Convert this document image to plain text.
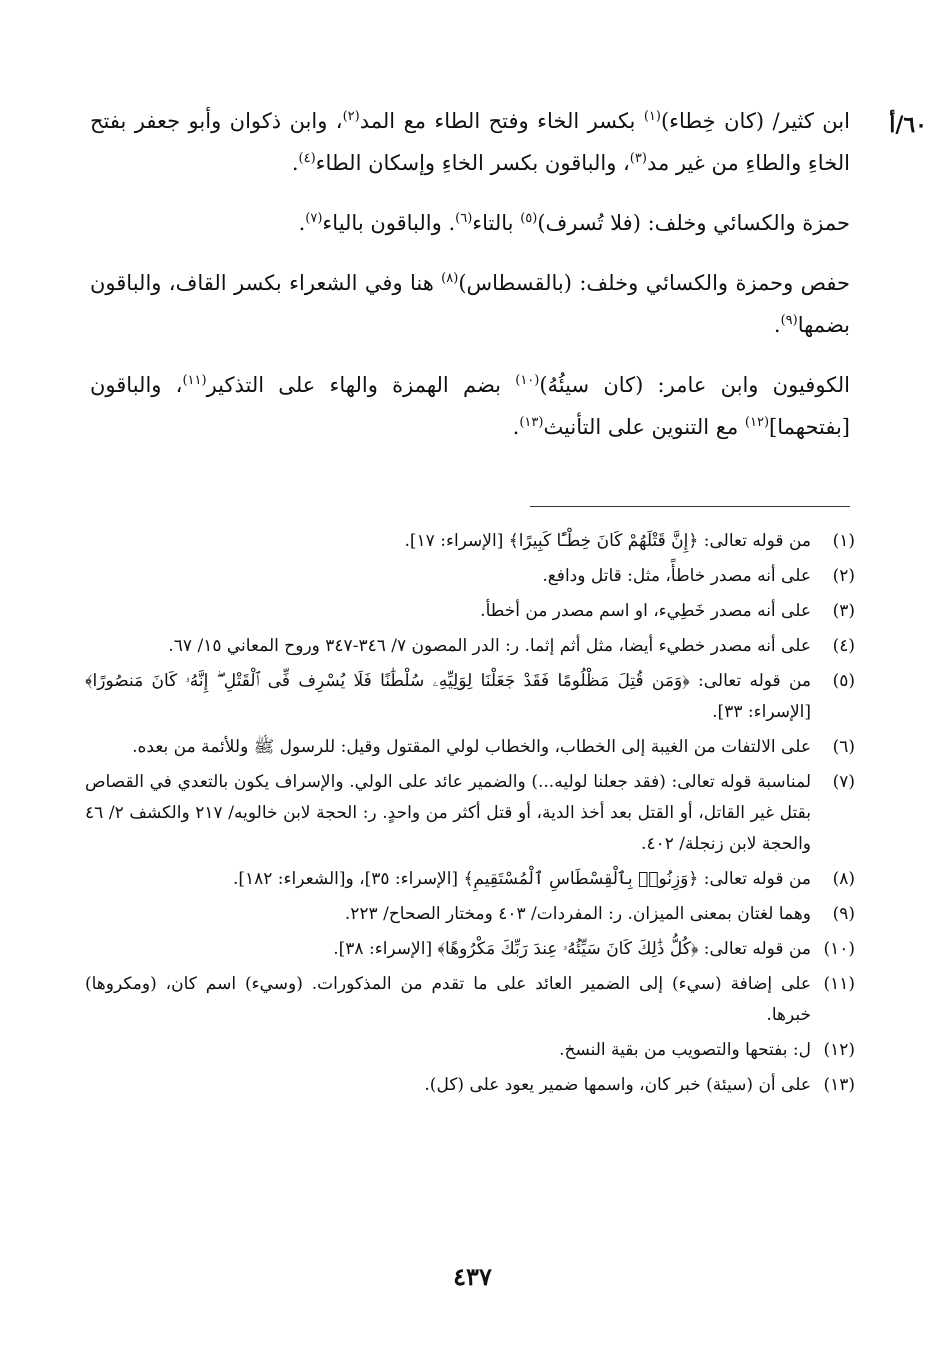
٦٠/أ

ابن كثير/ (كان خِطاء)$^{(١)}$ بكسر الخاء وفتح الطاء مع المد$^{(٢)}$، وابن ذكوان وأبو جعفر بفتح الخاءِ والطاءِ من غير مد$^{(٣)}$، والباقون بكسر الخاءِ وإسكان الطاء$^{(٤)}$.

حمزة والكسائي وخلف: (فلا تُسرف)$^{(٥)}$ بالتاء$^{(٦)}$. والباقون بالياء$^{(٧)}$.

حفص وحمزة والكسائي وخلف: (بالقسطاس)$^{(٨)}$ هنا وفي الشعراء بكسر القاف، والباقون بضمها$^{(٩)}$.

الكوفيون وابن عامر: (كان سيئُهُ)$^{(١٠)}$ بضم الهمزة والهاء على التذكير$^{(١١)}$، والباقون [بفتحهما]$^{(١٢)}$ مع التنوين على التأنيث$^{(١٣)}$.

(١)
من قوله تعالى: ﴿إِنَّ قَتْلَهُمْ كَانَ خِطْـًٔا كَبِيرًا﴾ [الإسراء: ١٧].
(٢)
على أنه مصدر خاطأً، مثل: قاتل ودافع.
(٣)
على أنه مصدر خَطِيء، او اسم مصدر من أخطأ.
(٤)
على أنه مصدر خطيء أيضا، مثل أثم إثما. ر: الدر المصون ٧/ ٣٤٦-٣٤٧ وروح المعاني ١٥/ ٦٧.
(٥)
من قوله تعالى: ﴿وَمَن قُتِلَ مَظْلُومًا فَقَدْ جَعَلْنَا لِوَلِيِّهِۦ سُلْطَٰنًا فَلَا يُسْرِف فِّى ٱلْقَتْلِ ۖ إِنَّهُۥ كَانَ مَنصُورًا﴾ [الإسراء: ٣٣].
(٦)
على الالتفات من الغيبة إلى الخطاب، والخطاب لولي المقتول وقيل: للرسول ﷺ وللأئمة من بعده.
(٧)
لمناسبة قوله تعالى: (فقد جعلنا لوليه...) والضمير عائد على الولي. والإسراف يكون بالتعدي في القصاص بقتل غير القاتل، أو القتل بعد أخذ الدية، أو قتل أكثر من واحدٍ. ر: الحجة لابن خالويه/ ٢١٧ والكشف ٢/ ٤٦ والحجة لابن زنجلة/ ٤٠٢.
(٨)
من قوله تعالى: ﴿وَزِنُوا۟ بِٱلْقِسْطَاسِ ٱلْمُسْتَقِيمِ﴾ [الإسراء: ٣٥]، و[الشعراء: ١٨٢].
(٩)
وهما لغتان بمعنى الميزان. ر: المفردات/ ٤٠٣ ومختار الصحاح/ ٢٢٣.
(١٠)
من قوله تعالى: ﴿كُلُّ ذَٰلِكَ كَانَ سَيِّئُهُۥ عِندَ رَبِّكَ مَكْرُوهًا﴾ [الإسراء: ٣٨].
(١١)
على إضافة (سيء) إلى الضمير العائد على ما تقدم من المذكورات. (وسيء) اسم كان، (ومكروها) خبرها.
(١٢)
ل: بفتحها والتصويب من بقية النسخ.
(١٣)
على أن (سيئة) خبر كان، واسمها ضمير يعود على (كل).
٤٣٧
